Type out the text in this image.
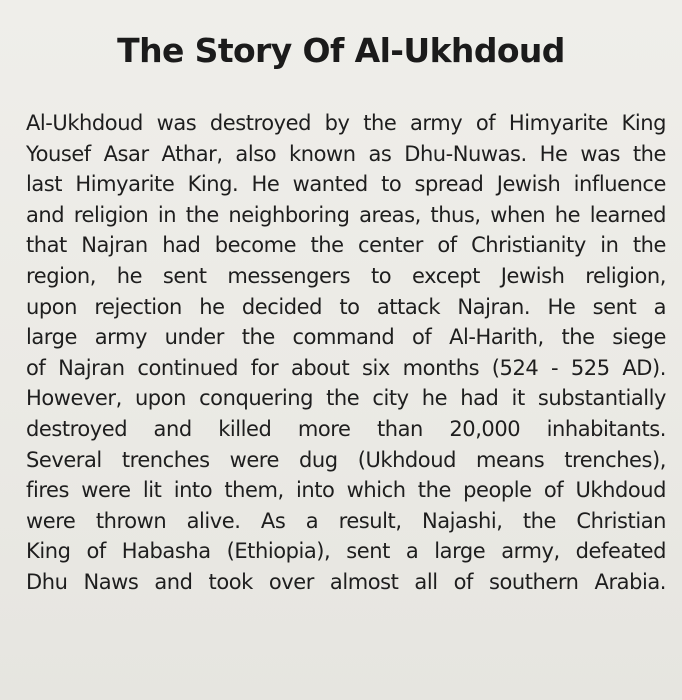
The Story Of Al-Ukhdoud
Al-Ukhdoud was destroyed by the army of Himyarite King
Yousef Asar Athar, also known as Dhu-Nuwas. He was the
last Himyarite King. He wanted to spread Jewish influence
and religion in the neighboring areas, thus, when he learned
that Najran had become the center of Christianity in the
region, he sent messengers to except Jewish religion,
upon rejection he decided to attack Najran. He sent a
large army under the command of Al-Harith, the siege
of Najran continued for about six months (524 - 525 AD).
However, upon conquering the city he had it substantially
destroyed and killed more than 20,000 inhabitants.
Several trenches were dug (Ukhdoud means trenches),
fires were lit into them, into which the people of Ukhdoud
were thrown alive. As a result, Najashi, the Christian
King of Habasha (Ethiopia), sent a large army, defeated
Dhu Naws and took over almost all of southern Arabia.
